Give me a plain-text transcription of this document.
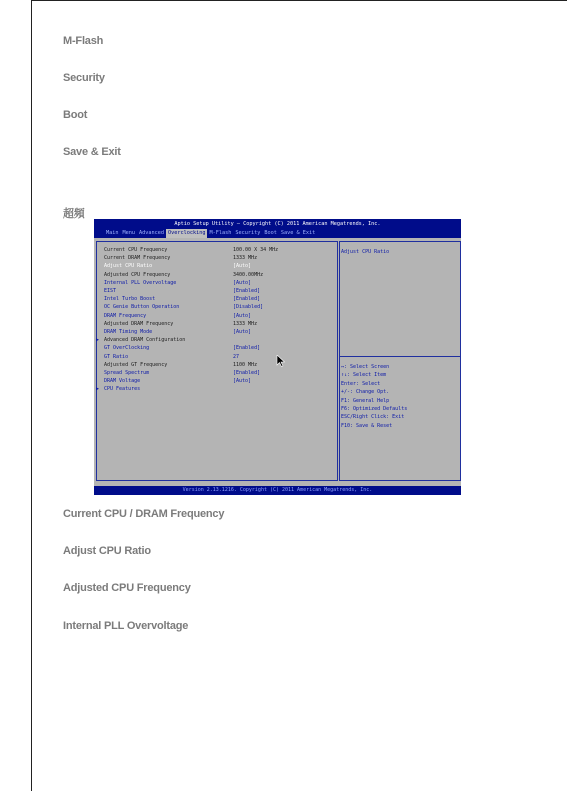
M-Flash
Security
Boot
Save & Exit
超頻
Aptio Setup Utility – Copyright (C) 2011 American Megatrends, Inc.
Main Menu Advanced Overclocking M-Flash Security Boot Save & Exit
Current CPU Frequency	100.00 X 34 MHz
Current DRAM Frequency	1333 MHz
Adjust CPU Ratio	[Auto]
Adjusted CPU Frequency	3400.00MHz
Internal PLL Overvoltage	[Auto]
EIST	[Enabled]
Intel Turbo Boost	[Enabled]
OC Genie Button Operation	[Disabled]
DRAM Frequency	[Auto]
Adjusted DRAM Frequency	1333 MHz
DRAM Timing Mode	[Auto]
▶ Advanced DRAM Configuration
GT OverClocking	[Enabled]
GT Ratio	27
Adjusted GT Frequency	1100 MHz
Spread Spectrum	[Enabled]
DRAM Voltage	[Auto]
▶ CPU Features
Adjust CPU Ratio
↔: Select Screen
↑↓: Select Item
Enter: Select
+/-: Change Opt.
F1: General Help
F6: Optimized Defaults
ESC/Right Click: Exit
F10: Save & Reset
Version 2.13.1216. Copyright (C) 2011 American Megatrends, Inc.
Current CPU / DRAM Frequency
Adjust CPU Ratio
Adjusted CPU Frequency
Internal PLL Overvoltage
